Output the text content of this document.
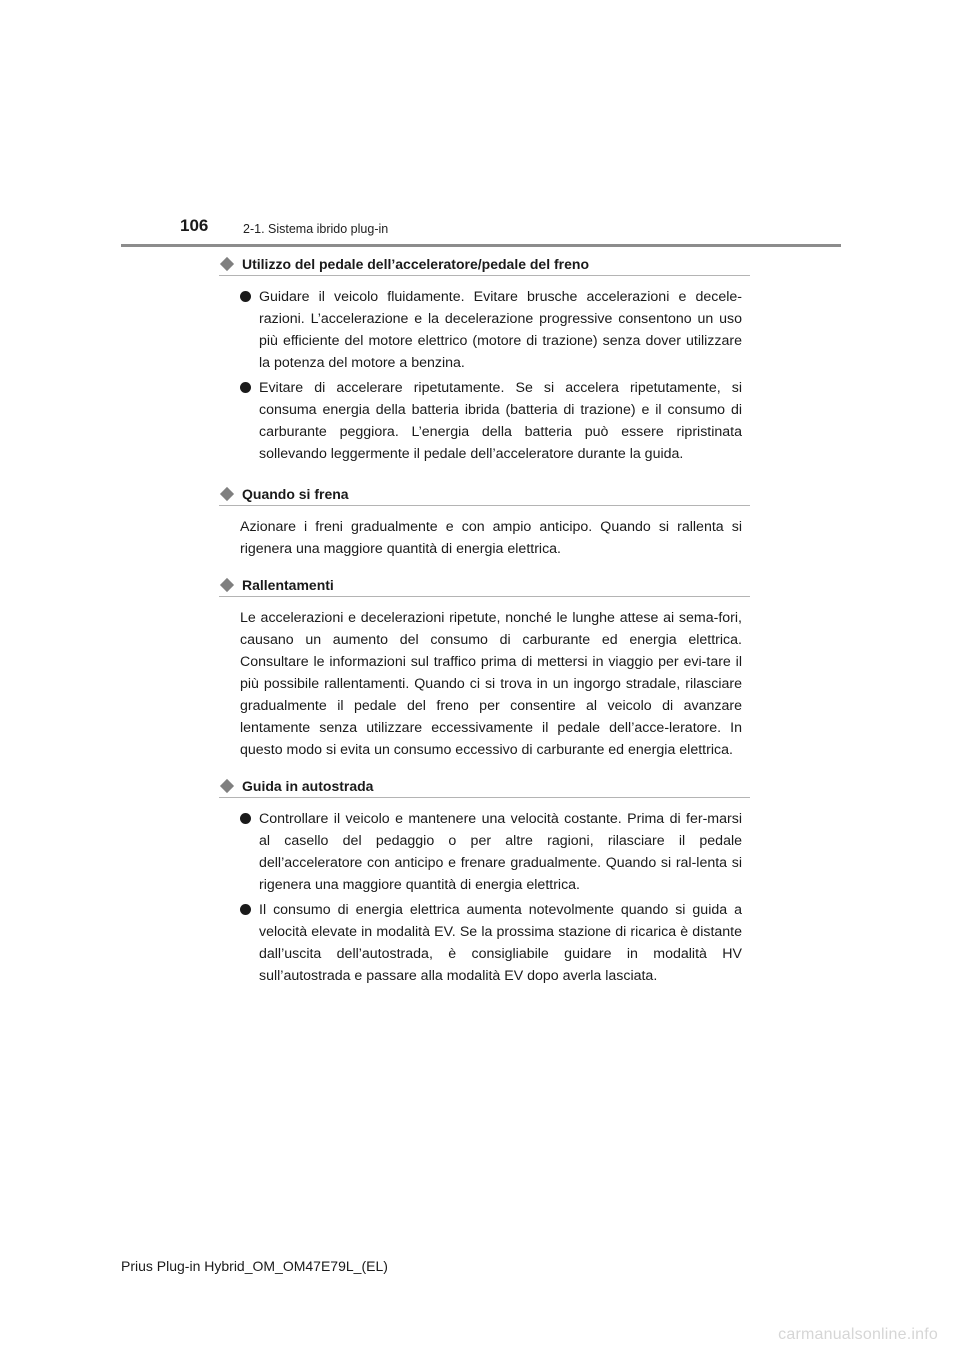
106	2-1. Sistema ibrido plug-in
Utilizzo del pedale dell’acceleratore/pedale del freno
Guidare il veicolo fluidamente. Evitare brusche accelerazioni e decele-razioni. L’accelerazione e la decelerazione progressive consentono un uso più efficiente del motore elettrico (motore di trazione) senza dover utilizzare la potenza del motore a benzina.
Evitare di accelerare ripetutamente. Se si accelera ripetutamente, si consuma energia della batteria ibrida (batteria di trazione) e il consumo di carburante peggiora. L’energia della batteria può essere ripristinata sollevando leggermente il pedale dell’acceleratore durante la guida.
Quando si frena

Azionare i freni gradualmente e con ampio anticipo. Quando si rallenta si rigenera una maggiore quantità di energia elettrica.

Rallentamenti

Le accelerazioni e decelerazioni ripetute, nonché le lunghe attese ai sema-fori, causano un aumento del consumo di carburante ed energia elettrica. Consultare le informazioni sul traffico prima di mettersi in viaggio per evi-tare il più possibile rallentamenti. Quando ci si trova in un ingorgo stradale, rilasciare gradualmente il pedale del freno per consentire al veicolo di avanzare lentamente senza utilizzare eccessivamente il pedale dell’acce-leratore. In questo modo si evita un consumo eccessivo di carburante ed energia elettrica.

Guida in autostrada
Controllare il veicolo e mantenere una velocità costante. Prima di fer-marsi al casello del pedaggio o per altre ragioni, rilasciare il pedale dell’acceleratore con anticipo e frenare gradualmente. Quando si ral-lenta si rigenera una maggiore quantità di energia elettrica.
Il consumo di energia elettrica aumenta notevolmente quando si guida a velocità elevate in modalità EV. Se la prossima stazione di ricarica è distante dall’uscita dell’autostrada, è consigliabile guidare in modalità HV sull’autostrada e passare alla modalità EV dopo averla lasciata.
Prius Plug-in Hybrid_OM_OM47E79L_(EL)
carmanualsonline.info
